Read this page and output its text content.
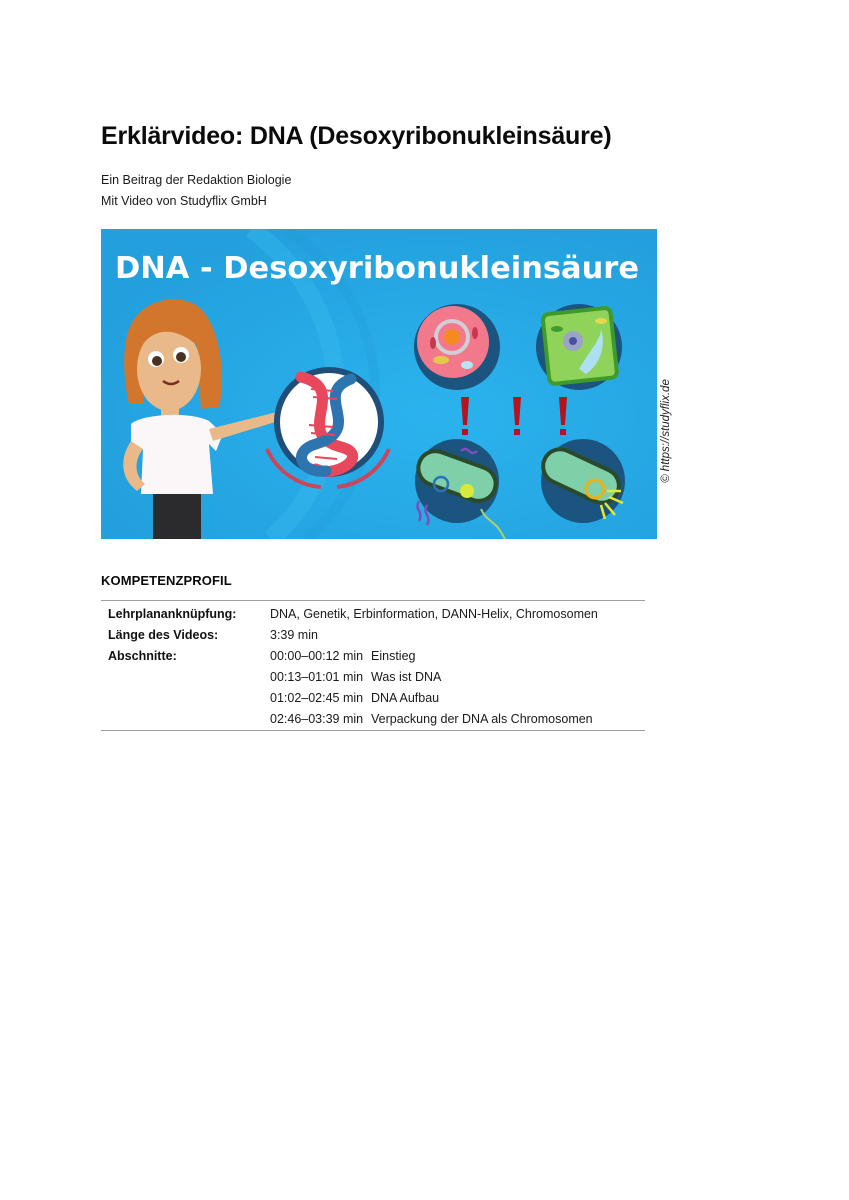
Erklärvideo: DNA (Desoxyribonukleinsäure)
Ein Beitrag der Redaktion Biologie
Mit Video von Studyflix GmbH
DNA - Desoxyribonukleinsäure
© https://studyflix.de
KOMPETENZPROFIL
Lehrplananknüpfung:	DNA, Genetik, Erbinformation, DANN-Helix, Chromosomen
Länge des Videos:	3:39 min
Abschnitte:	00:00–00:12 min Einstieg
	00:13–01:01 min Was ist DNA
	01:02–02:45 min DNA Aufbau
	02:46–03:39 min Verpackung der DNA als Chromosomen
